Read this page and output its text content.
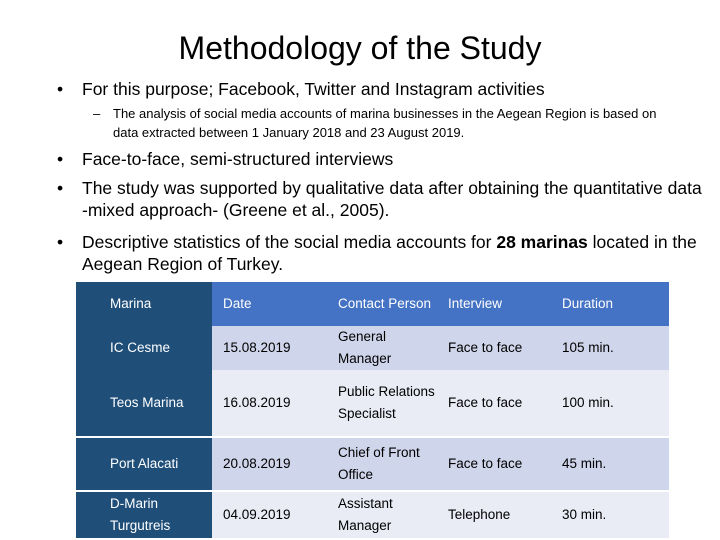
Methodology of the Study
• For this purpose; Facebook, Twitter and Instagram activities
– The analysis of social media accounts of marina businesses in the Aegean Region is based on data extracted between 1 January 2018 and 23 August 2019.
• Face-to-face, semi-structured interviews
• The study was supported by qualitative data after obtaining the quantitative data -mixed approach- (Greene et al., 2005).
• Descriptive statistics of the social media accounts for 28 marinas located in the Aegean Region of Turkey.
Marina	Date	Contact Person	Interview	Duration
IC Cesme	15.08.2019	General Manager	Face to face	105 min.
Teos Marina	16.08.2019	Public Relations Specialist	Face to face	100 min.

Port Alacati	20.08.2019	Chief of Front Office	Face to face	45 min.

D-Marin Turgutreis	04.09.2019	Assistant Manager	Telephone	30 min.
